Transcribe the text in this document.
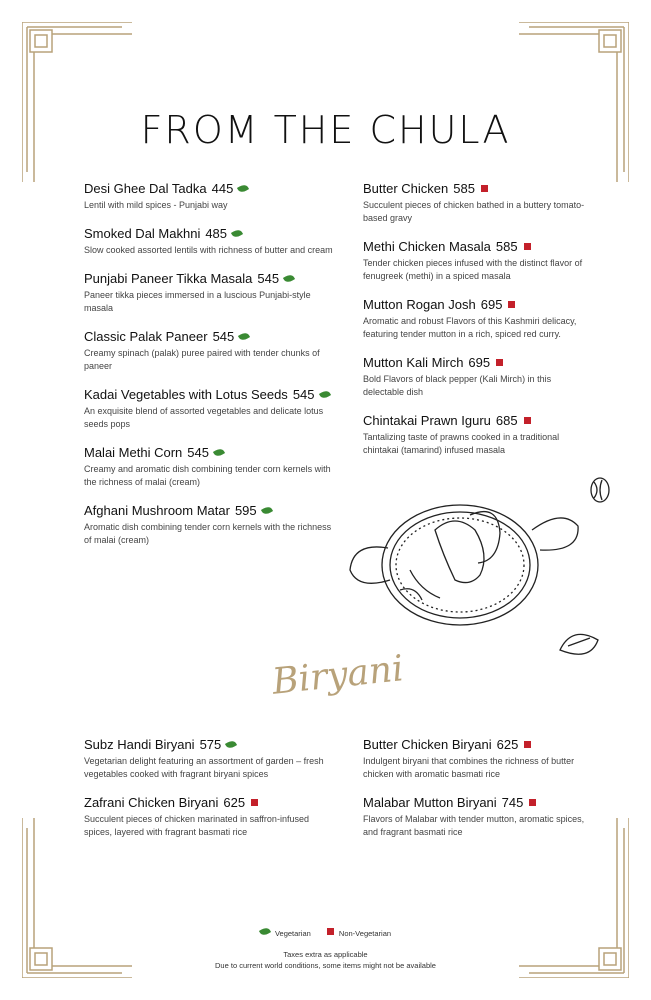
FROM THE CHULA
Desi Ghee Dal Tadka 445
Lentil with mild spices - Punjabi way
Smoked Dal Makhni 485
Slow cooked assorted lentils with richness of butter and cream
Punjabi Paneer Tikka Masala 545
Paneer tikka pieces immersed in a luscious Punjabi-style masala
Classic Palak Paneer 545
Creamy spinach (palak) puree paired with tender chunks of paneer
Kadai Vegetables with Lotus Seeds 545
An exquisite blend of assorted vegetables and delicate lotus seeds pops
Malai Methi Corn 545
Creamy and aromatic dish combining tender corn kernels with the richness of malai (cream)
Afghani Mushroom Matar 595
Aromatic dish combining tender corn kernels with the richness of malai (cream)
Butter Chicken 585
Succulent pieces of chicken bathed in a buttery tomato-based gravy
Methi Chicken Masala 585
Tender chicken pieces infused with the distinct flavor of fenugreek (methi) in a spiced masala
Mutton Rogan Josh 695
Aromatic and robust Flavors of this Kashmiri delicacy, featuring tender mutton in a rich, spiced red curry.
Mutton Kali Mirch 695
Bold Flavors of black pepper (Kali Mirch) in this delectable dish
Chintakai Prawn Iguru 685
Tantalizing taste of prawns cooked in a traditional chintakai (tamarind) infused masala
Biryani
Subz Handi Biryani 575
Vegetarian delight featuring an assortment of garden – fresh vegetables cooked with fragrant biryani spices
Zafrani Chicken Biryani 625
Succulent pieces of chicken marinated in saffron-infused spices, layered with fragrant basmati rice
Butter Chicken Biryani 625
Indulgent biryani that combines the richness of butter chicken with aromatic basmati rice
Malabar Mutton Biryani 745
Flavors of Malabar with tender mutton, aromatic spices, and fragrant basmati rice
Vegetarian	Non-Vegetarian
Taxes extra as applicable
Due to current world conditions, some items might not be available
